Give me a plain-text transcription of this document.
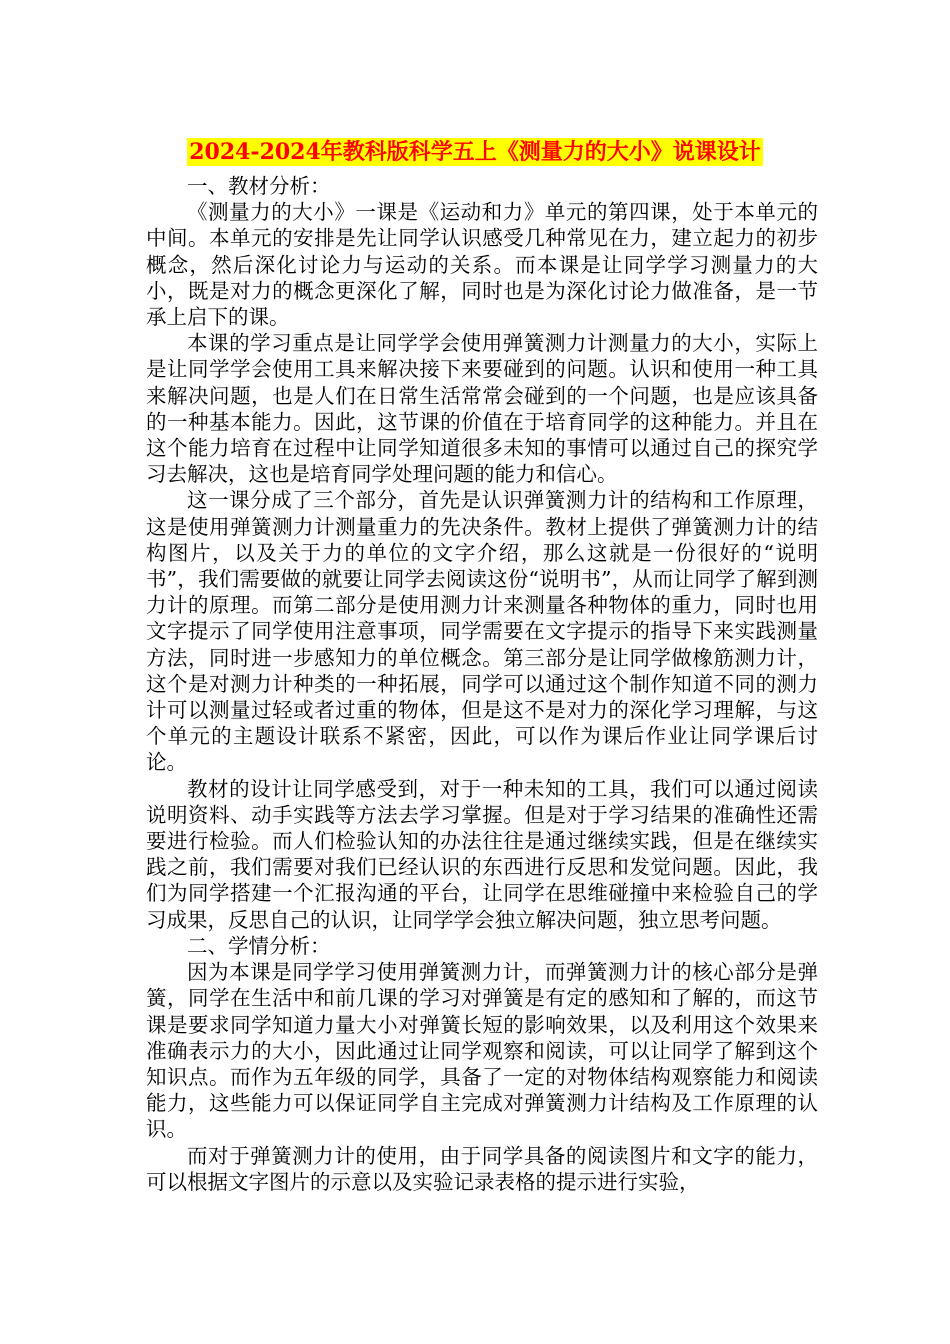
2024-2024年教科版科学五上《测量力的大小》说课设计

一、教材分析：

《测量力的大小》一课是《运动和力》单元的第四课，处于本单元的中间。本单元的安排是先让同学认识感受几种常见在力，建立起力的初步概念，然后深化讨论力与运动的关系。而本课是让同学学习测量力的大小，既是对力的概念更深化了解，同时也是为深化讨论力做准备，是一节承上启下的课。

本课的学习重点是让同学学会使用弹簧测力计测量力的大小，实际上是让同学学会使用工具来解决接下来要碰到的问题。认识和使用一种工具来解决问题，也是人们在日常生活常常会碰到的一个问题，也是应该具备的一种基本能力。因此，这节课的价值在于培育同学的这种能力。并且在这个能力培育在过程中让同学知道很多未知的事情可以通过自己的探究学习去解决，这也是培育同学处理问题的能力和信心。

这一课分成了三个部分，首先是认识弹簧测力计的结构和工作原理，这是使用弹簧测力计测量重力的先决条件。教材上提供了弹簧测力计的结构图片，以及关于力的单位的文字介绍，那么这就是一份很好的“说明书”，我们需要做的就要让同学去阅读这份“说明书”，从而让同学了解到测力计的原理。而第二部分是使用测力计来测量各种物体的重力，同时也用文字提示了同学使用注意事项，同学需要在文字提示的指导下来实践测量方法，同时进一步感知力的单位概念。第三部分是让同学做橡筋测力计，这个是对测力计种类的一种拓展，同学可以通过这个制作知道不同的测力计可以测量过轻或者过重的物体，但是这不是对力的深化学习理解，与这个单元的主题设计联系不紧密，因此，可以作为课后作业让同学课后讨论。

教材的设计让同学感受到，对于一种未知的工具，我们可以通过阅读说明资料、动手实践等方法去学习掌握。但是对于学习结果的准确性还需要进行检验。而人们检验认知的办法往往是通过继续实践，但是在继续实践之前，我们需要对我们已经认识的东西进行反思和发觉问题。因此，我们为同学搭建一个汇报沟通的平台，让同学在思维碰撞中来检验自己的学习成果，反思自己的认识，让同学学会独立解决问题，独立思考问题。

二、学情分析：

因为本课是同学学习使用弹簧测力计，而弹簧测力计的核心部分是弹簧，同学在生活中和前几课的学习对弹簧是有定的感知和了解的，而这节课是要求同学知道力量大小对弹簧长短的影响效果，以及利用这个效果来准确表示力的大小，因此通过让同学观察和阅读，可以让同学了解到这个知识点。而作为五年级的同学，具备了一定的对物体结构观察能力和阅读能力，这些能力可以保证同学自主完成对弹簧测力计结构及工作原理的认识。

而对于弹簧测力计的使用，由于同学具备的阅读图片和文字的能力，可以根据文字图片的示意以及实验记录表格的提示进行实验，
